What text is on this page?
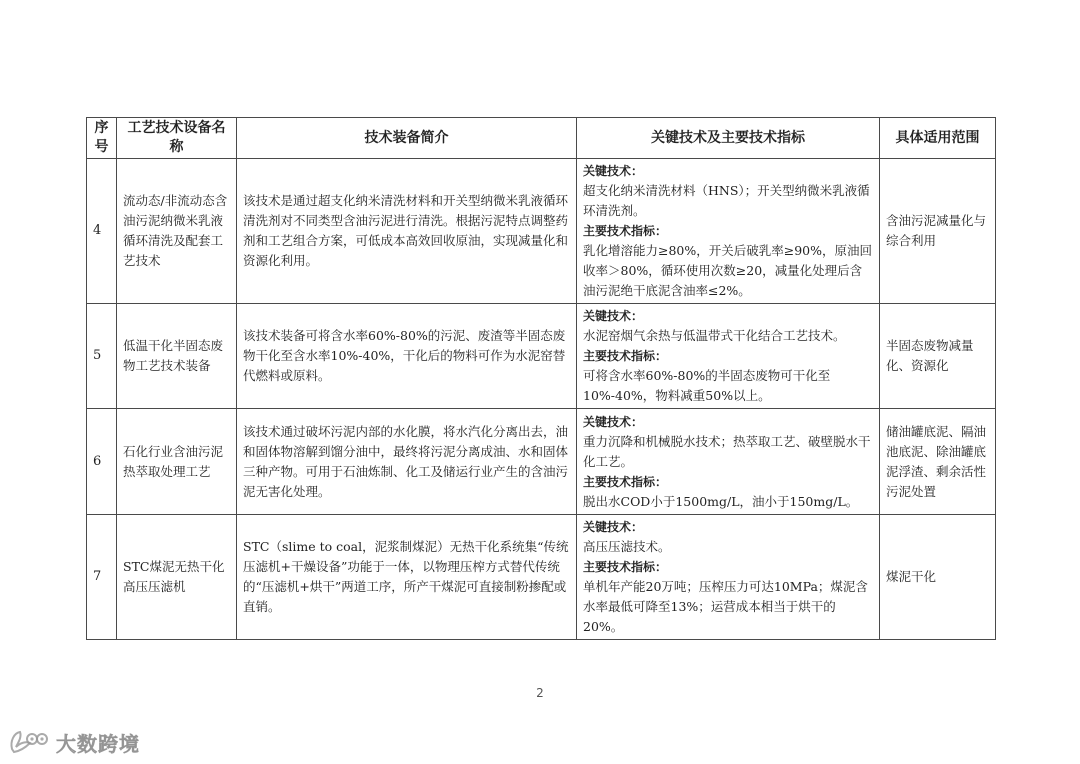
序号	工艺技术设备名称	技术装备简介	关键技术及主要技术指标	具体适用范围
4	流动态/非流动态含油污泥纳微米乳液循环清洗及配套工艺技术	该技术是通过超支化纳米清洗材料和开关型纳微米乳液循环清洗剂对不同类型含油污泥进行清洗。根据污泥特点调整药剂和工艺组合方案，可低成本高效回收原油，实现减量化和资源化利用。	关键技术：
超支化纳米清洗材料（HNS）；开关型纳微米乳液循环清洗剂。
主要技术指标：
乳化增溶能力≥80%，开关后破乳率≥90%，原油回收率＞80%，循环使用次数≥20，减量化处理后含油污泥绝干底泥含油率≤2%。	含油污泥减量化与综合利用
5	低温干化半固态废物工艺技术装备	该技术装备可将含水率60%-80%的污泥、废渣等半固态废物干化至含水率10%-40%，干化后的物料可作为水泥窑替代燃料或原料。	关键技术：
水泥窑烟气余热与低温带式干化结合工艺技术。
主要技术指标：
可将含水率60%-80%的半固态废物可干化至10%-40%，物料减重50%以上。	半固态废物减量化、资源化
6	石化行业含油污泥热萃取处理工艺	该技术通过破坏污泥内部的水化膜，将水汽化分离出去，油和固体物溶解到馏分油中，最终将污泥分离成油、水和固体三种产物。可用于石油炼制、化工及储运行业产生的含油污泥无害化处理。	关键技术：
重力沉降和机械脱水技术；热萃取工艺、破壁脱水干化工艺。
主要技术指标：
脱出水COD小于1500mg/L，油小于150mg/L。	储油罐底泥、隔油池底泥、除油罐底泥浮渣、剩余活性污泥处置
7	STC煤泥无热干化高压压滤机	STC（slime to coal，泥浆制煤泥）无热干化系统集“传统压滤机+干燥设备”功能于一体，以物理压榨方式替代传统的“压滤机+烘干”两道工序，所产干煤泥可直接制粉掺配或直销。	关键技术：
高压压滤技术。
主要技术指标：
单机年产能20万吨；压榨压力可达10MPa；煤泥含水率最低可降至13%；运营成本相当于烘干的20%。	煤泥干化
2
大数跨境
